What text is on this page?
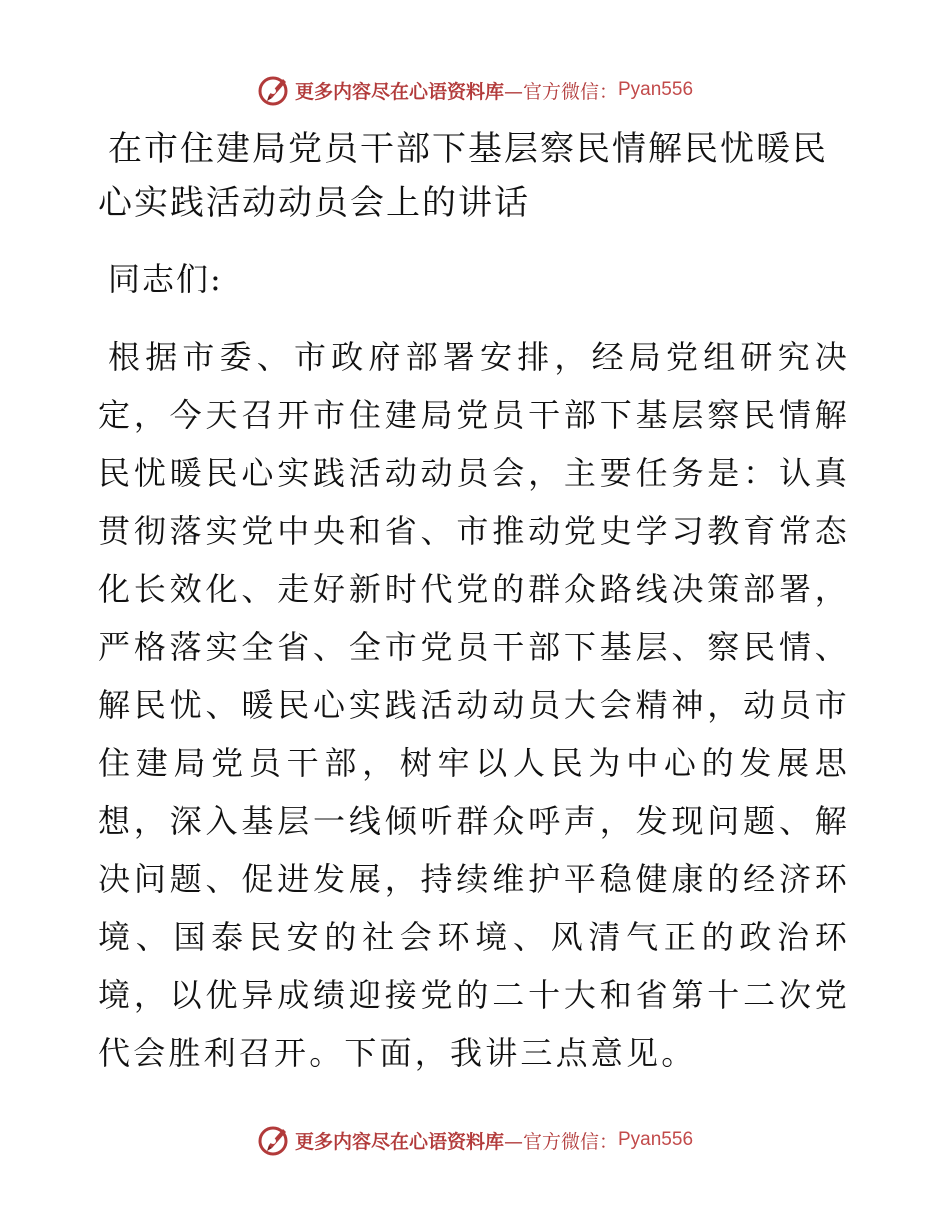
更多内容尽在心语资料库 —官方微信： Pyan556
在市住建局党员干部下基层察民情解民忧暖民心实践活动动员会上的讲话

同志们:

根据市委、市政府部署安排，经局党组研究决定，今天召开市住建局党员干部下基层察民情解民忧暖民心实践活动动员会，主要任务是：认真贯彻落实党中央和省、市推动党史学习教育常态化长效化、走好新时代党的群众路线决策部署，严格落实全省、全市党员干部下基层、察民情、解民忧、暖民心实践活动动员大会精神，动员市住建局党员干部，树牢以人民为中心的发展思想，深入基层一线倾听群众呼声，发现问题、解决问题、促进发展，持续维护平稳健康的经济环境、国泰民安的社会环境、风清气正的政治环境，以优异成绩迎接党的二十大和省第十二次党代会胜利召开。下面，我讲三点意见。

更多内容尽在心语资料库 —官方微信： Pyan556
